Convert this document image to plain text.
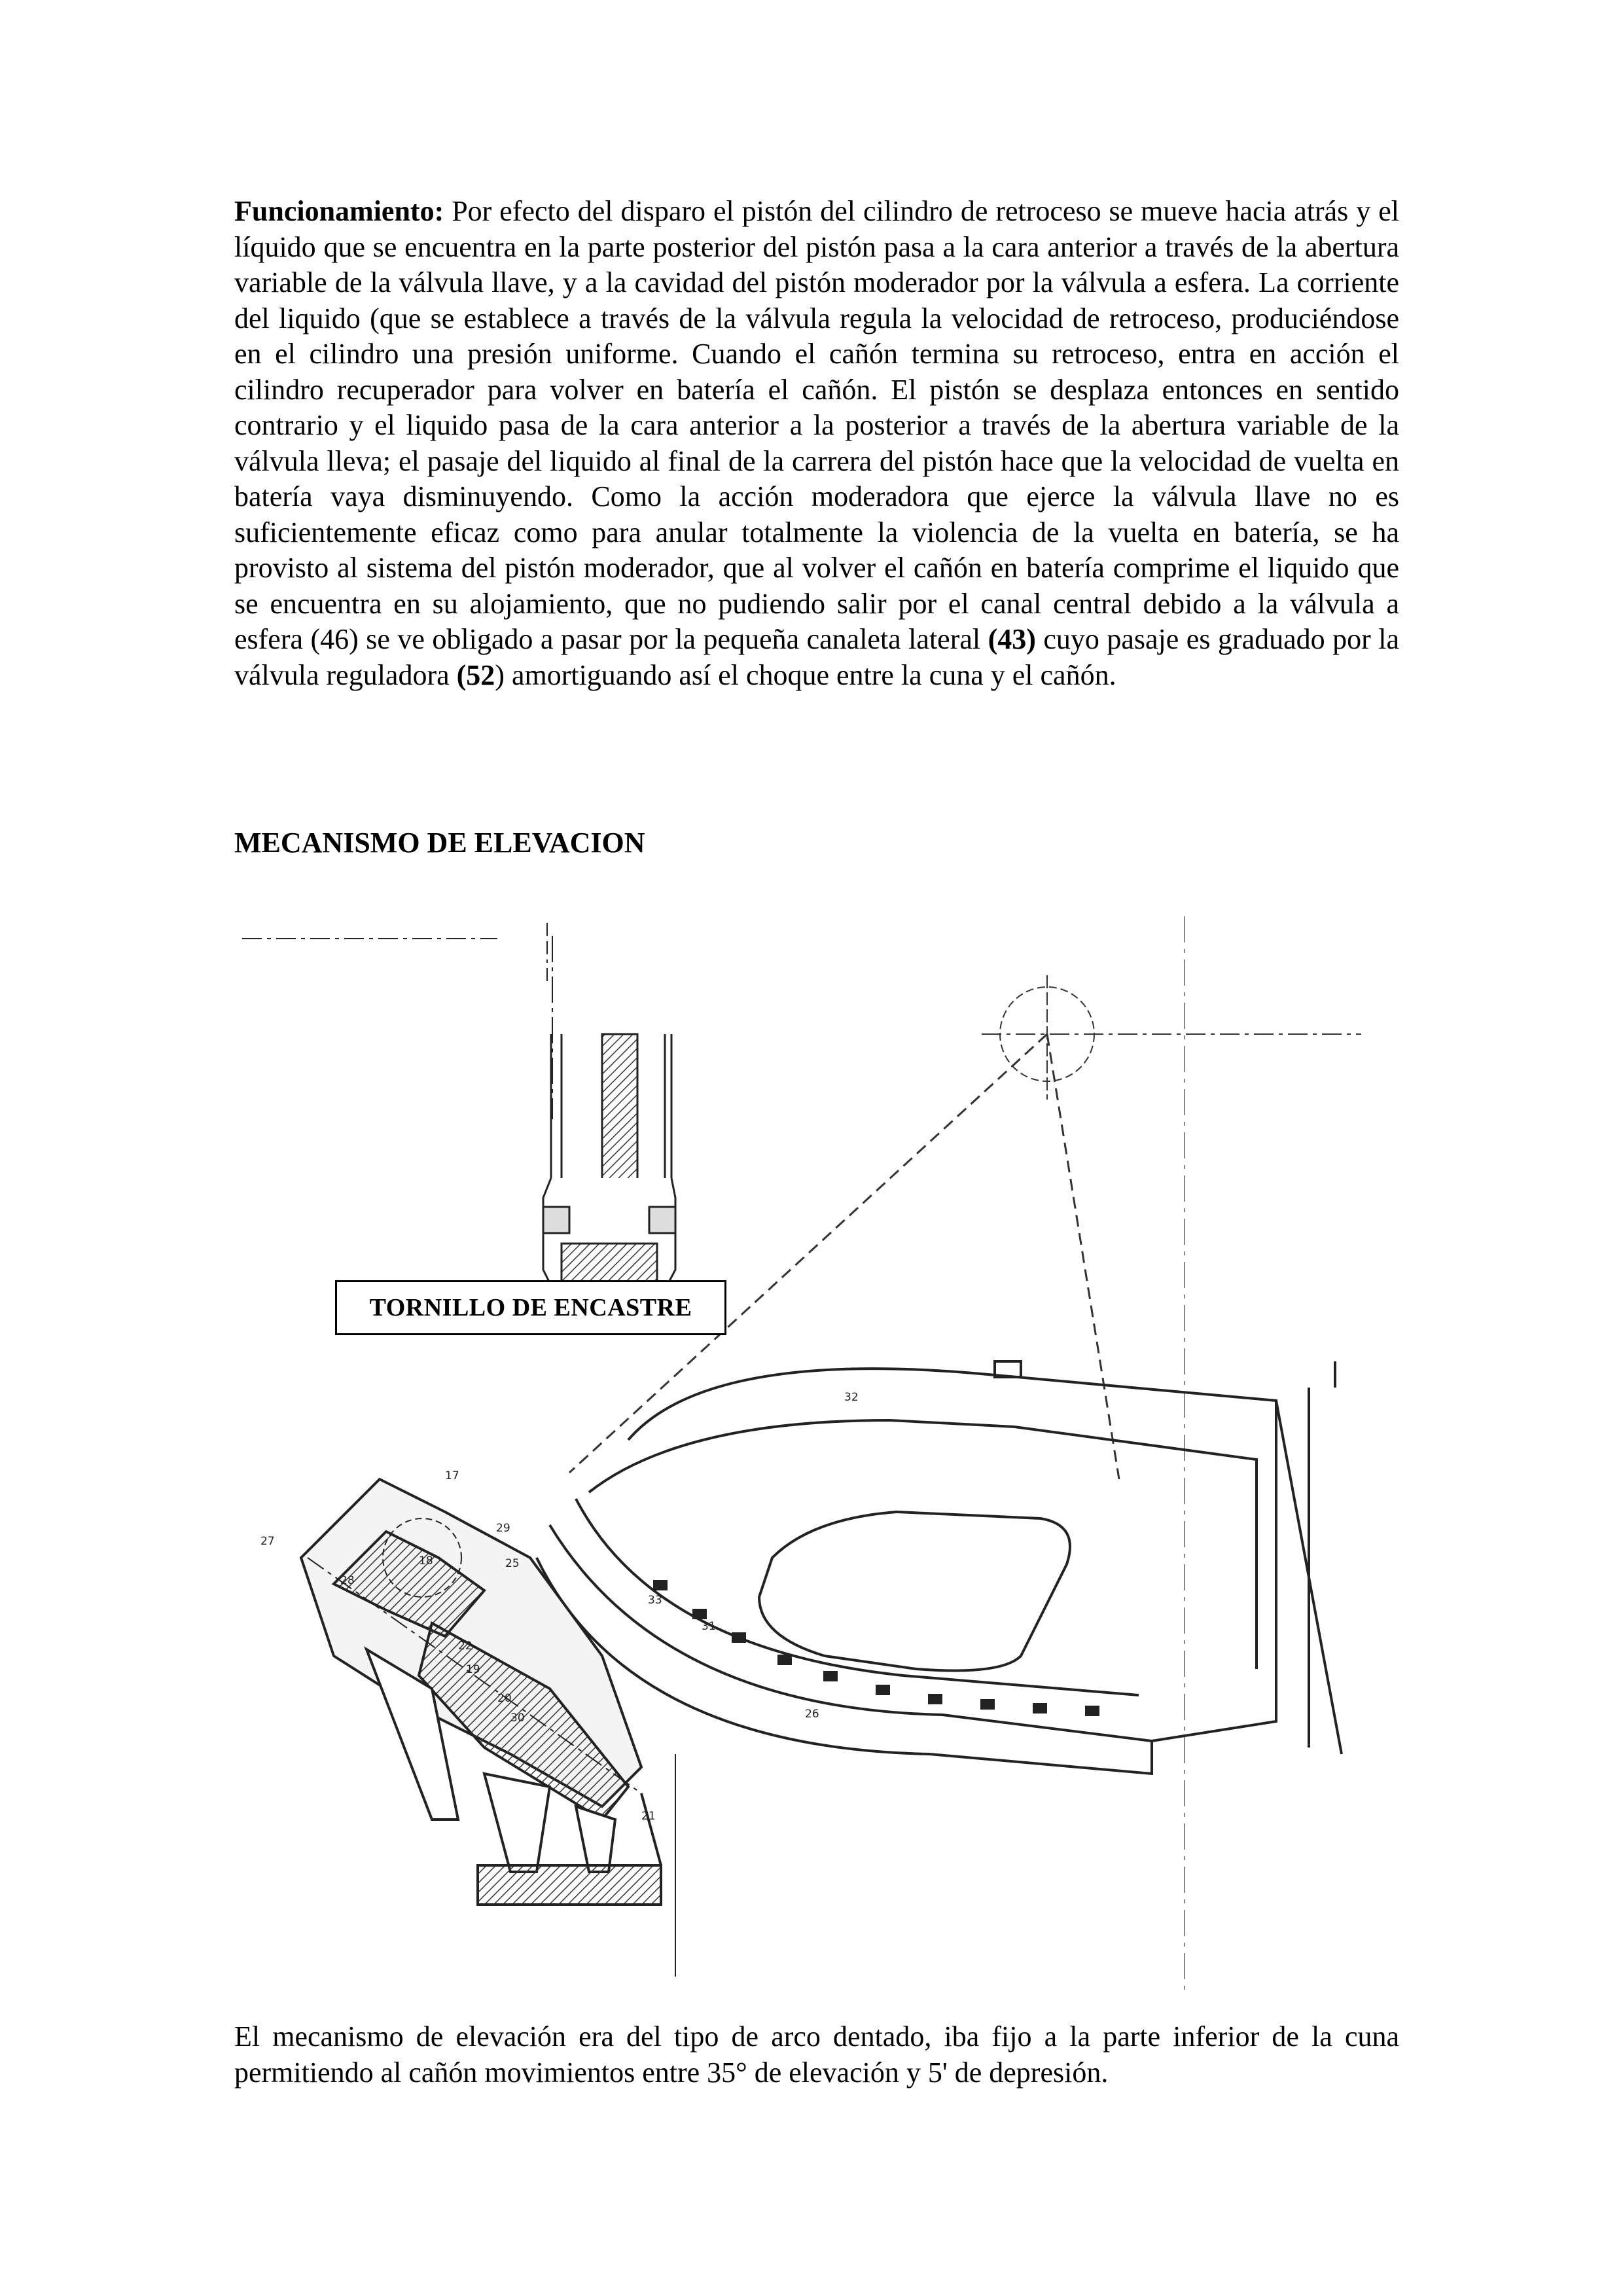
Funcionamiento: Por efecto del disparo el pistón del cilindro de retroceso se mueve hacia atrás y el líquido que se encuentra en la parte posterior del pistón pasa a la cara anterior a través de la abertura variable de la válvula llave, y a la cavidad del pistón moderador por la válvula a esfera. La corriente del liquido (que se establece a través de la válvula regula la velocidad de retroceso, produciéndose en el cilindro una presión uniforme. Cuando el cañón termina su retroceso, entra en acción el cilindro recuperador para volver en batería el cañón. El pistón se desplaza entonces en sentido contrario y el liquido pasa de la cara anterior a la posterior a través de la abertura variable de la válvula lleva; el pasaje del liquido al final de la carrera del pistón hace que la velocidad de vuelta en batería vaya disminuyendo. Como la acción moderadora que ejerce la válvula llave no es suficientemente eficaz como para anular totalmente la violencia de la vuelta en batería, se ha provisto al sistema del pistón moderador, que al volver el cañón en batería comprime el liquido que se encuentra en su alojamiento, que no pudiendo salir por el canal central debido a la válvula a esfera (46) se ve obligado a pasar por la pequeña canaleta lateral (43) cuyo pasaje es graduado por la válvula reguladora (52) amortiguando así el choque entre la cuna y el cañón.

MECANISMO DE ELEVACION
27
17
29
18
28
25
32
33
31
22
19
20
30	26
21
TORNILLO DE ENCASTRE

El mecanismo de elevación era del tipo de arco dentado, iba fijo a la parte inferior de la cuna permitiendo al cañón movimientos entre 35° de elevación y 5' de depresión.
